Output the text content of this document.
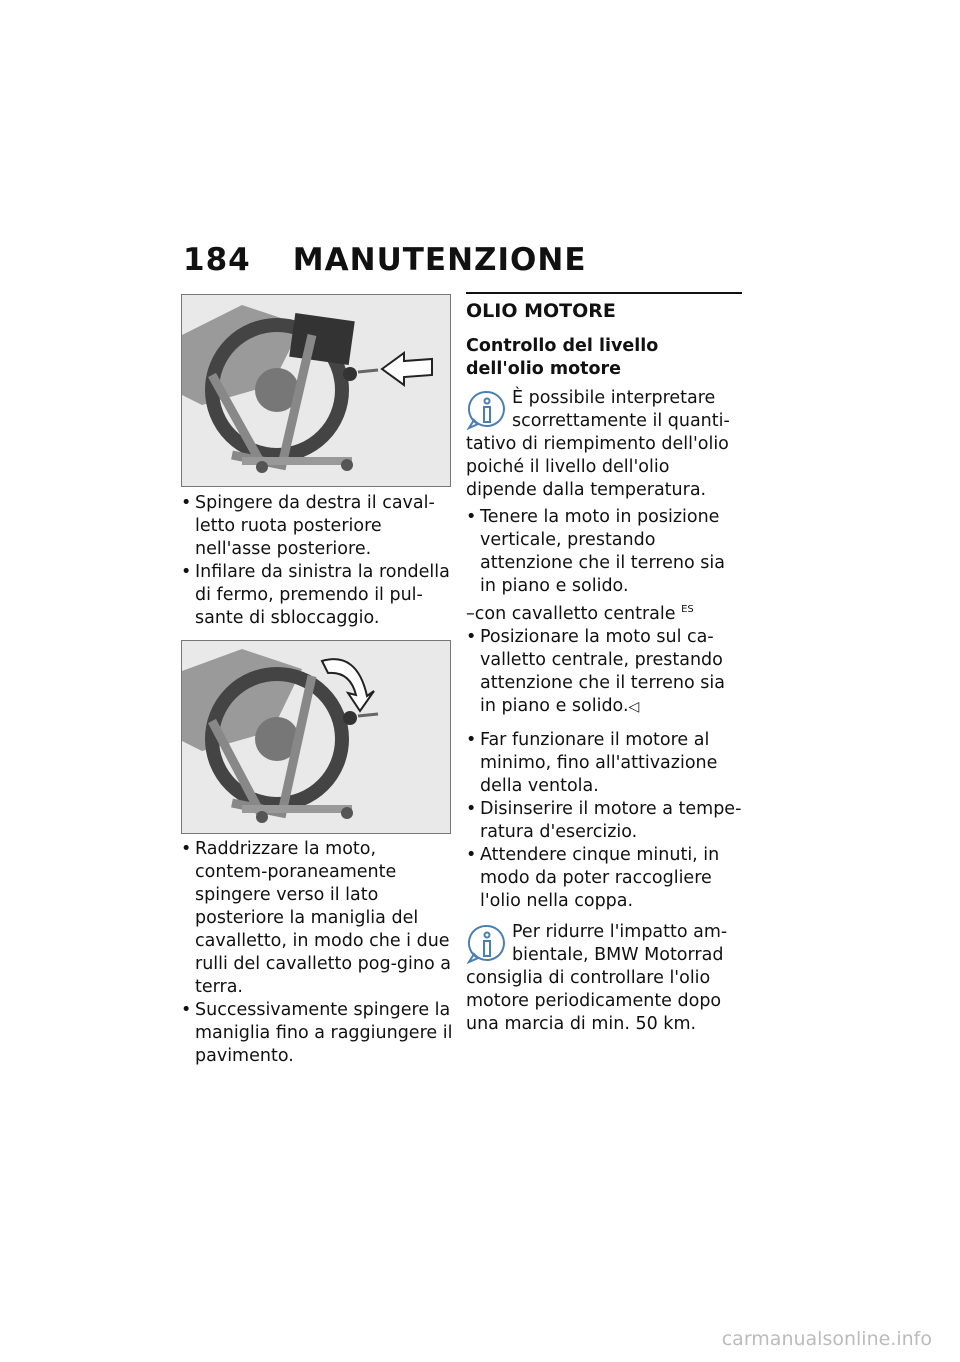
184 MANUTENZIONE
• Spingere da destra il caval-letto ruota posteriore nell'asse posteriore.
• Infilare da sinistra la rondella di fermo, premendo il pul-sante di sbloccaggio.
• Raddrizzare la moto, contem-poraneamente spingere verso il lato posteriore la maniglia del cavalletto, in modo che i due rulli del cavalletto pog-gino a terra.
• Successivamente spingere la maniglia fino a raggiungere il pavimento.
OLIO MOTORE
Controllo del livello dell'olio motore
È possibile interpretare scorrettamente il quanti-tativo di riempimento dell'olio poiché il livello dell'olio dipende dalla temperatura.
• Tenere la moto in posizione verticale, prestando attenzione che il terreno sia in piano e solido.

–con cavalletto centrale $^{ES}$

• Posizionare la moto sul ca-valletto centrale, prestando attenzione che il terreno sia in piano e solido.◁
• Far funzionare il motore al minimo, fino all'attivazione della ventola.
• Disinserire il motore a tempe-ratura d'esercizio.
• Attendere cinque minuti, in modo da poter raccogliere l'olio nella coppa.
Per ridurre l'impatto am-bientale, BMW Motorrad consiglia di controllare l'olio motore periodicamente dopo una marcia di min. 50 km.
carmanualsonline.info
